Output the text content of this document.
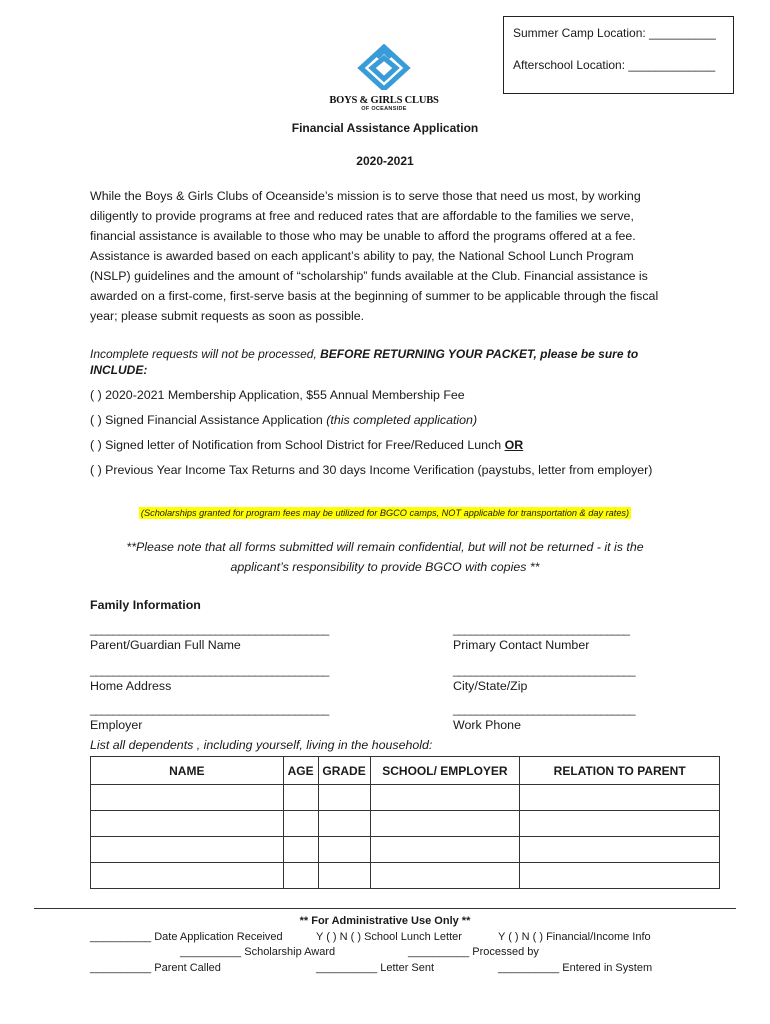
Summer Camp Location: __________
Afterschool Location: _____________
BOYS & GIRLS CLUBS
OF OCEANSIDE
Financial Assistance Application
2020-2021
While the Boys & Girls Clubs of Oceanside’s mission is to serve those that need us most, by working
diligently to provide programs at free and reduced rates that are affordable to the families we serve,
financial assistance is available to those who may be unable to afford the programs offered at a fee.
Assistance is awarded based on each applicant’s ability to pay, the National School Lunch Program
(NSLP) guidelines and the amount of “scholarship” funds available at the Club. Financial assistance is
awarded on a first-come, first-serve basis at the beginning of summer to be applicable through the fiscal
year; please submit requests as soon as possible.
Incomplete requests will not be processed, BEFORE RETURNING YOUR PACKET, please be sure to
INCLUDE:
( ) 2020-2021 Membership Application, $55 Annual Membership Fee
( ) Signed Financial Assistance Application (this completed application)
( ) Signed letter of Notification from School District for Free/Reduced Lunch OR
( ) Previous Year Income Tax Returns and 30 days Income Verification (paystubs, letter from employer)
(Scholarships granted for program fees may be utilized for BGCO camps, NOT applicable for transportation & day rates)
**Please note that all forms submitted will remain confidential, but will not be returned - it is the
applicant’s responsibility to provide BGCO with copies **
Family Information
__________________________________________	_______________________________
Parent/Guardian Full Name	Primary Contact Number
__________________________________________	________________________________
Home Address	City/State/Zip
__________________________________________	________________________________
Employer	Work Phone
List all dependents , including yourself, living in the household:
NAME	AGE	GRADE	SCHOOL/ EMPLOYER	RELATION TO PARENT

** For Administrative Use Only **
__________ Date Application Received	Y ( ) N ( ) School Lunch Letter	Y ( ) N ( ) Financial/Income Info
__________ Scholarship Award	__________ Processed by
__________ Parent Called	__________ Letter Sent	__________ Entered in System
